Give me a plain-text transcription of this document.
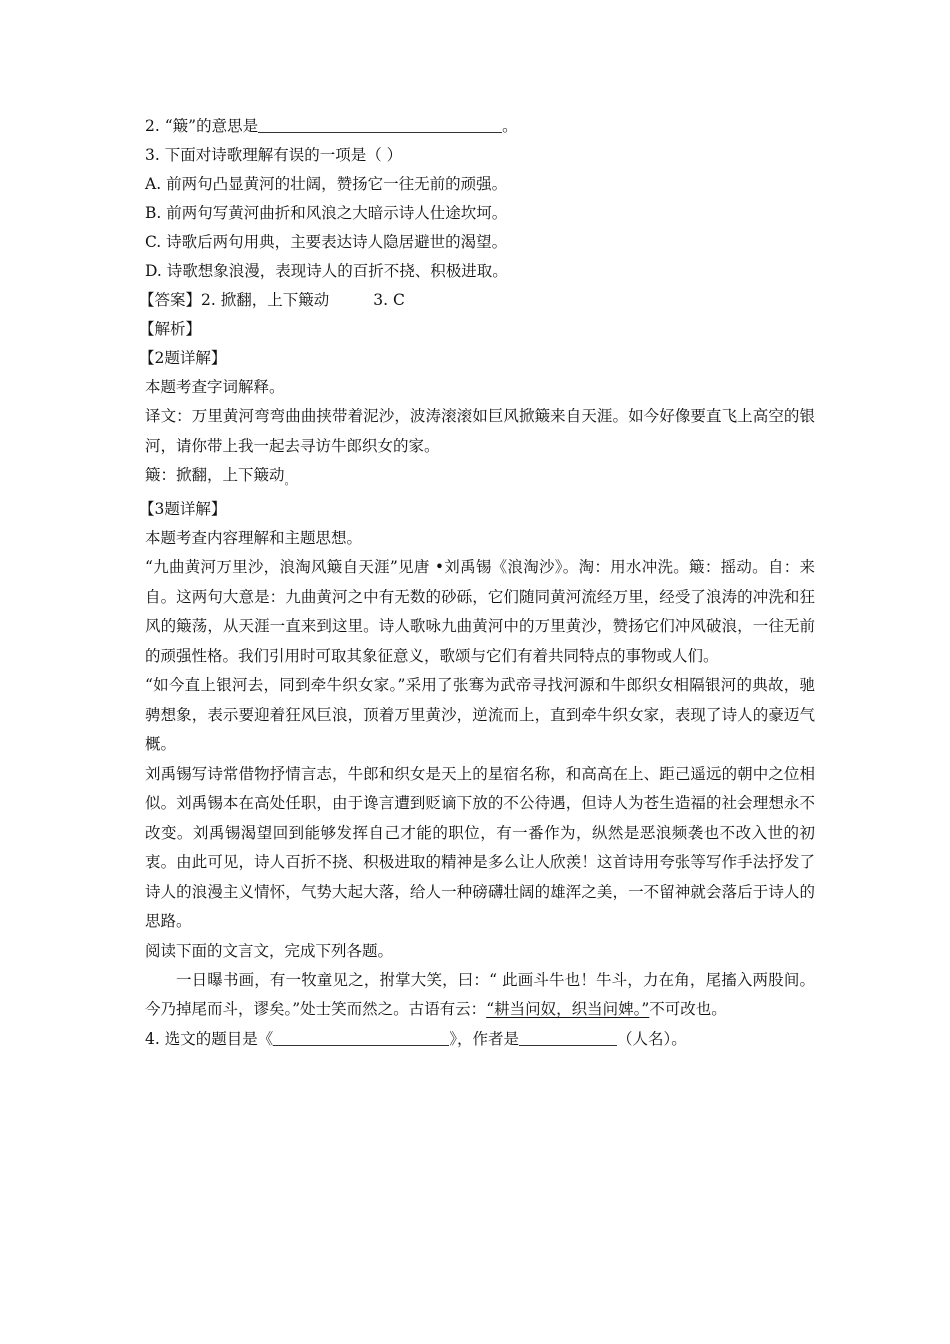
2. “簸”的意思是	。
3. 下面对诗歌理解有误的一项是（ ）
A. 前两句凸显黄河的壮阔，赞扬它一往无前的顽强。
B. 前两句写黄河曲折和风浪之大暗示诗人仕途坎坷。
C. 诗歌后两句用典，主要表达诗人隐居避世的渴望。
D. 诗歌想象浪漫，表现诗人的百折不挠、积极进取。
【答案】2. 掀翻，上下簸动	3. C
【解析】
【2题详解】
本题考查字词解释。
译文：万里黄河弯弯曲曲挟带着泥沙，波涛滚滚如巨风掀簸来自天涯。如今好像要直飞上高空的银河，请你带上我一起去寻访牛郎织女的家。
簸：掀翻，上下簸动$_。$
【3题详解】
本题考查内容理解和主题思想。
“九曲黄河万里沙，浪淘风簸自天涯”见唐 •刘禹锡《浪淘沙》。淘：用水冲洗。簸：摇动。自：来自。这两句大意是：九曲黄河之中有无数的砂砾，它们随同黄河流经万里，经受了浪涛的冲洗和狂风的簸荡，从天涯一直来到这里。诗人歌咏九曲黄河中的万里黄沙，赞扬它们冲风破浪，一往无前的顽强性格。我们引用时可取其象征意义，歌颂与它们有着共同特点的事物或人们。
“如今直上银河去，同到牵牛织女家。”采用了张骞为武帝寻找河源和牛郎织女相隔银河的典故，驰骋想象，表示要迎着狂风巨浪，顶着万里黄沙，逆流而上，直到牵牛织女家，表现了诗人的豪迈气概。
刘禹锡写诗常借物抒情言志，牛郎和织女是天上的星宿名称，和高高在上、距己遥远的朝中之位相似。刘禹锡本在高处任职，由于谗言遭到贬谪下放的不公待遇，但诗人为苍生造福的社会理想永不改变。刘禹锡渴望回到能够发挥自己才能的职位，有一番作为，纵然是恶浪频袭也不改入世的初衷。由此可见，诗人百折不挠、积极进取的精神是多么让人欣羡！这首诗用夸张等写作手法抒发了诗人的浪漫主义情怀，气势大起大落，给人一种磅礴壮阔的雄浑之美，一不留神就会落后于诗人的思路。
阅读下面的文言文，完成下列各题。
一日曝书画，有一牧童见之，拊掌大笑，曰：“ 此画斗牛也！牛斗，力在角，尾搐入两股间。今乃掉尾而斗，谬矣。”处士笑而然之。古语有云：“耕当问奴，织当问婢。”不可改也。
4. 选文的题目是《	》，作者是	（人名）。
